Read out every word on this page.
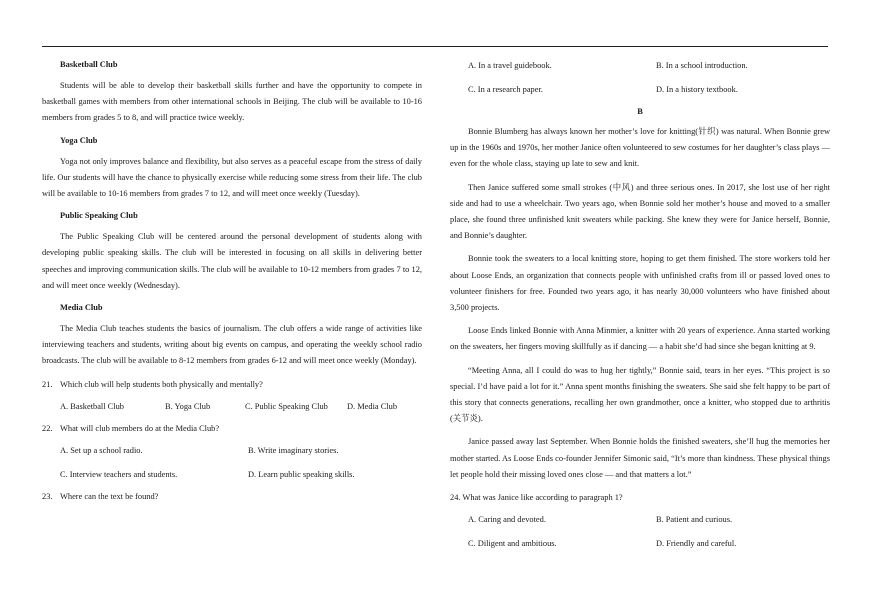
Basketball Club

Students will be able to develop their basketball skills further and have the opportunity to compete in basketball games with members from other international schools in Beijing. The club will be available to 10-16 members from grades 5 to 8, and will practice twice weekly.

Yoga Club

Yoga not only improves balance and flexibility, but also serves as a peaceful escape from the stress of daily life. Our students will have the chance to physically exercise while reducing some stress from their life. The club will be available to 10-16 members from grades 7 to 12, and will meet once weekly (Tuesday).

Public Speaking Club

The Public Speaking Club will be centered around the personal development of students along with developing public speaking skills. The club will be interested in focusing on all skills in delivering better speeches and improving communication skills. The club will be available to 10-12 members from grades 7 to 12, and will meet once weekly (Wednesday).

Media Club

The Media Club teaches students the basics of journalism. The club offers a wide range of activities like interviewing teachers and students, writing about big events on campus, and operating the weekly school radio broadcasts. The club will be available to 8-12 members from grades 6-12 and will meet once weekly (Monday).

21. Which club will help students both physically and mentally?
A. Basketball Club	B. Yoga Club	C. Public Speaking Club	D. Media Club
22. What will club members do at the Media Club?
A. Set up a school radio.	B. Write imaginary stories.
C. Interview teachers and students.	D. Learn public speaking skills.
23. Where can the text be found?
A. In a travel guidebook.	B. In a school introduction.
C. In a research paper.	D. In a history textbook.
B

Bonnie Blumberg has always known her mother’s love for knitting(针织) was natural. When Bonnie grew up in the 1960s and 1970s, her mother Janice often volunteered to sew costumes for her daughter’s class plays — even for the whole class, staying up late to sew and knit.

Then Janice suffered some small strokes (中风) and three serious ones. In 2017, she lost use of her right side and had to use a wheelchair. Two years ago, when Bonnie sold her mother’s house and moved to a smaller place, she found three unfinished knit sweaters while packing. She knew they were for Janice herself, Bonnie, and Bonnie’s daughter.

Bonnie took the sweaters to a local knitting store, hoping to get them finished. The store workers told her about Loose Ends, an organization that connects people with unfinished crafts from ill or passed loved ones to volunteer finishers for free. Founded two years ago, it has nearly 30,000 volunteers who have finished about 3,500 projects.

Loose Ends linked Bonnie with Anna Minmier, a knitter with 20 years of experience. Anna started working on the sweaters, her fingers moving skillfully as if dancing — a habit she’d had since she began knitting at 9.

“Meeting Anna, all I could do was to hug her tightly,” Bonnie said, tears in her eyes. “This project is so special. I’d have paid a lot for it.” Anna spent months finishing the sweaters. She said she felt happy to be part of this story that connects generations, recalling her own grandmother, once a knitter, who stopped due to arthritis (关节炎).

Janice passed away last September. When Bonnie holds the finished sweaters, she’ll hug the memories her mother started. As Loose Ends co-founder Jennifer Simonic said, “It’s more than kindness. These physical things let people hold their missing loved ones close — and that matters a lot.”

24. What was Janice like according to paragraph 1?
A. Caring and devoted.	B. Patient and curious.
C. Diligent and ambitious.	D. Friendly and careful.
